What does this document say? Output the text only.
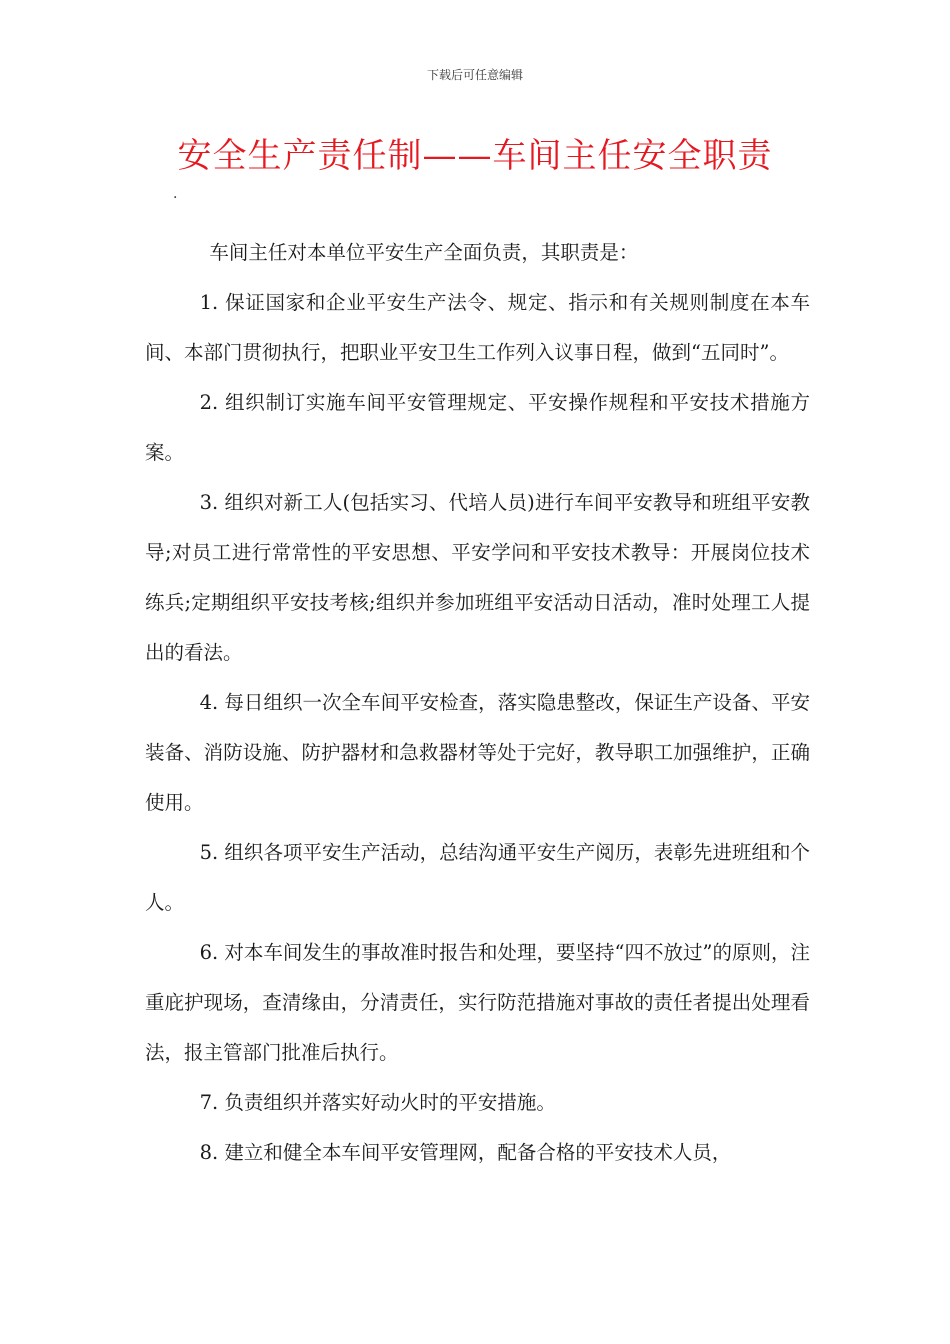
下载后可任意编辑
安全生产责任制——车间主任安全职责
·

车间主任对本单位平安生产全面负责，其职责是：

1. 保证国家和企业平安生产法令、规定、指示和有关规则制度在本车间、本部门贯彻执行，把职业平安卫生工作列入议事日程，做到“五同时”。

2. 组织制订实施车间平安管理规定、平安操作规程和平安技术措施方案。

3. 组织对新工人(包括实习、代培人员)进行车间平安教导和班组平安教导;对员工进行常常性的平安思想、平安学问和平安技术教导：开展岗位技术练兵;定期组织平安技考核;组织并参加班组平安活动日活动，准时处理工人提出的看法。

4. 每日组织一次全车间平安检查，落实隐患整改，保证生产设备、平安装备、消防设施、防护器材和急救器材等处于完好，教导职工加强维护，正确使用。

5. 组织各项平安生产活动，总结沟通平安生产阅历，表彰先进班组和个人。

6. 对本车间发生的事故准时报告和处理，要坚持“四不放过”的原则，注重庇护现场，查清缘由，分清责任，实行防范措施对事故的责任者提出处理看法，报主管部门批准后执行。

7. 负责组织并落实好动火时的平安措施。

8. 建立和健全本车间平安管理网，配备合格的平安技术人员，
